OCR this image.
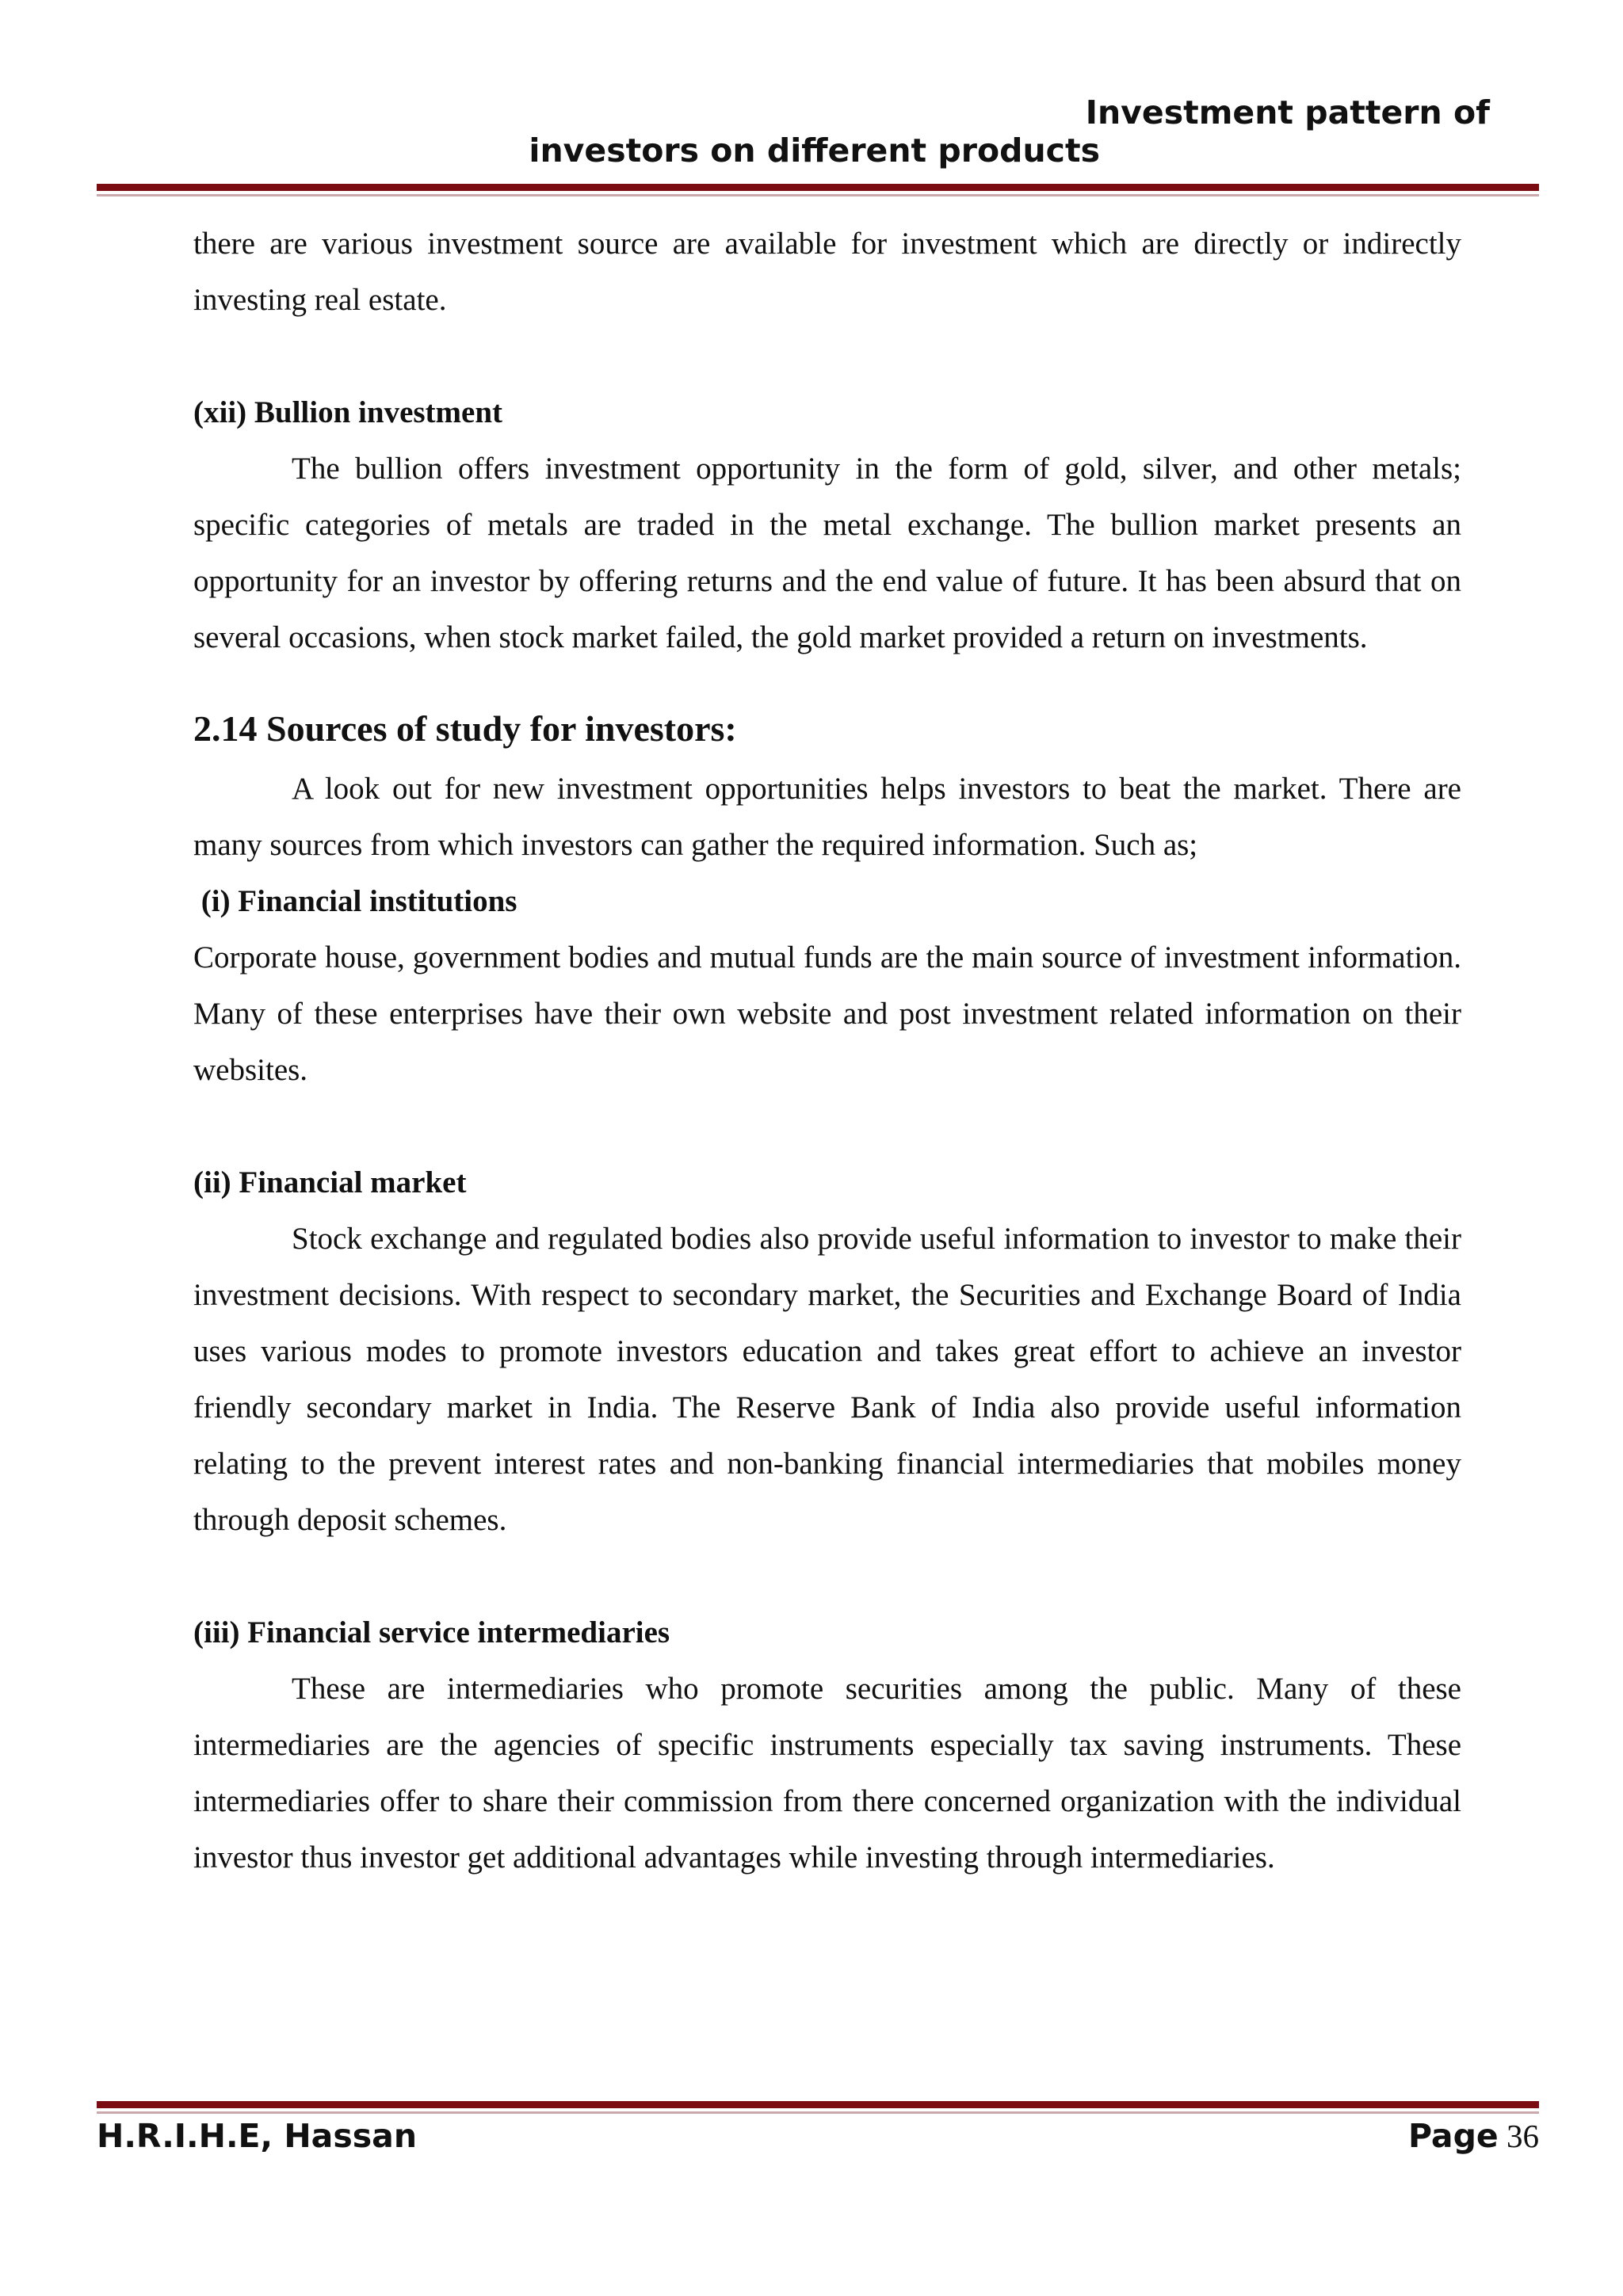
Investment pattern of
investors on different products

there are various investment source are available for investment which are directly or indirectly investing real estate.

(xii) Bullion investment

The bullion offers investment opportunity in the form of gold, silver, and other metals; specific categories of metals are traded in the metal exchange. The bullion market presents an opportunity for an investor by offering returns and the end value of future. It has been absurd that on several occasions, when stock market failed, the gold market provided a return on investments.

2.14 Sources of study for investors:

A look out for new investment opportunities helps investors to beat the market. There are many sources from which investors can gather the required information. Such as;

(i) Financial institutions

Corporate house, government bodies and mutual funds are the main source of investment information. Many of these enterprises have their own website and post investment related information on their websites.

(ii) Financial market

Stock exchange and regulated bodies also provide useful information to investor to make their investment decisions. With respect to secondary market, the Securities and Exchange Board of India uses various modes to promote investors education and takes great effort to achieve an investor friendly secondary market in India. The Reserve Bank of India also provide useful information relating to the prevent interest rates and non-banking financial intermediaries that mobiles money through deposit schemes.

(iii) Financial service intermediaries

These are intermediaries who promote securities among the public. Many of these intermediaries are the agencies of specific instruments especially tax saving instruments. These intermediaries offer to share their commission from there concerned organization with the individual investor thus investor get additional advantages while investing through intermediaries.

H.R.I.H.E, Hassan	Page 36
